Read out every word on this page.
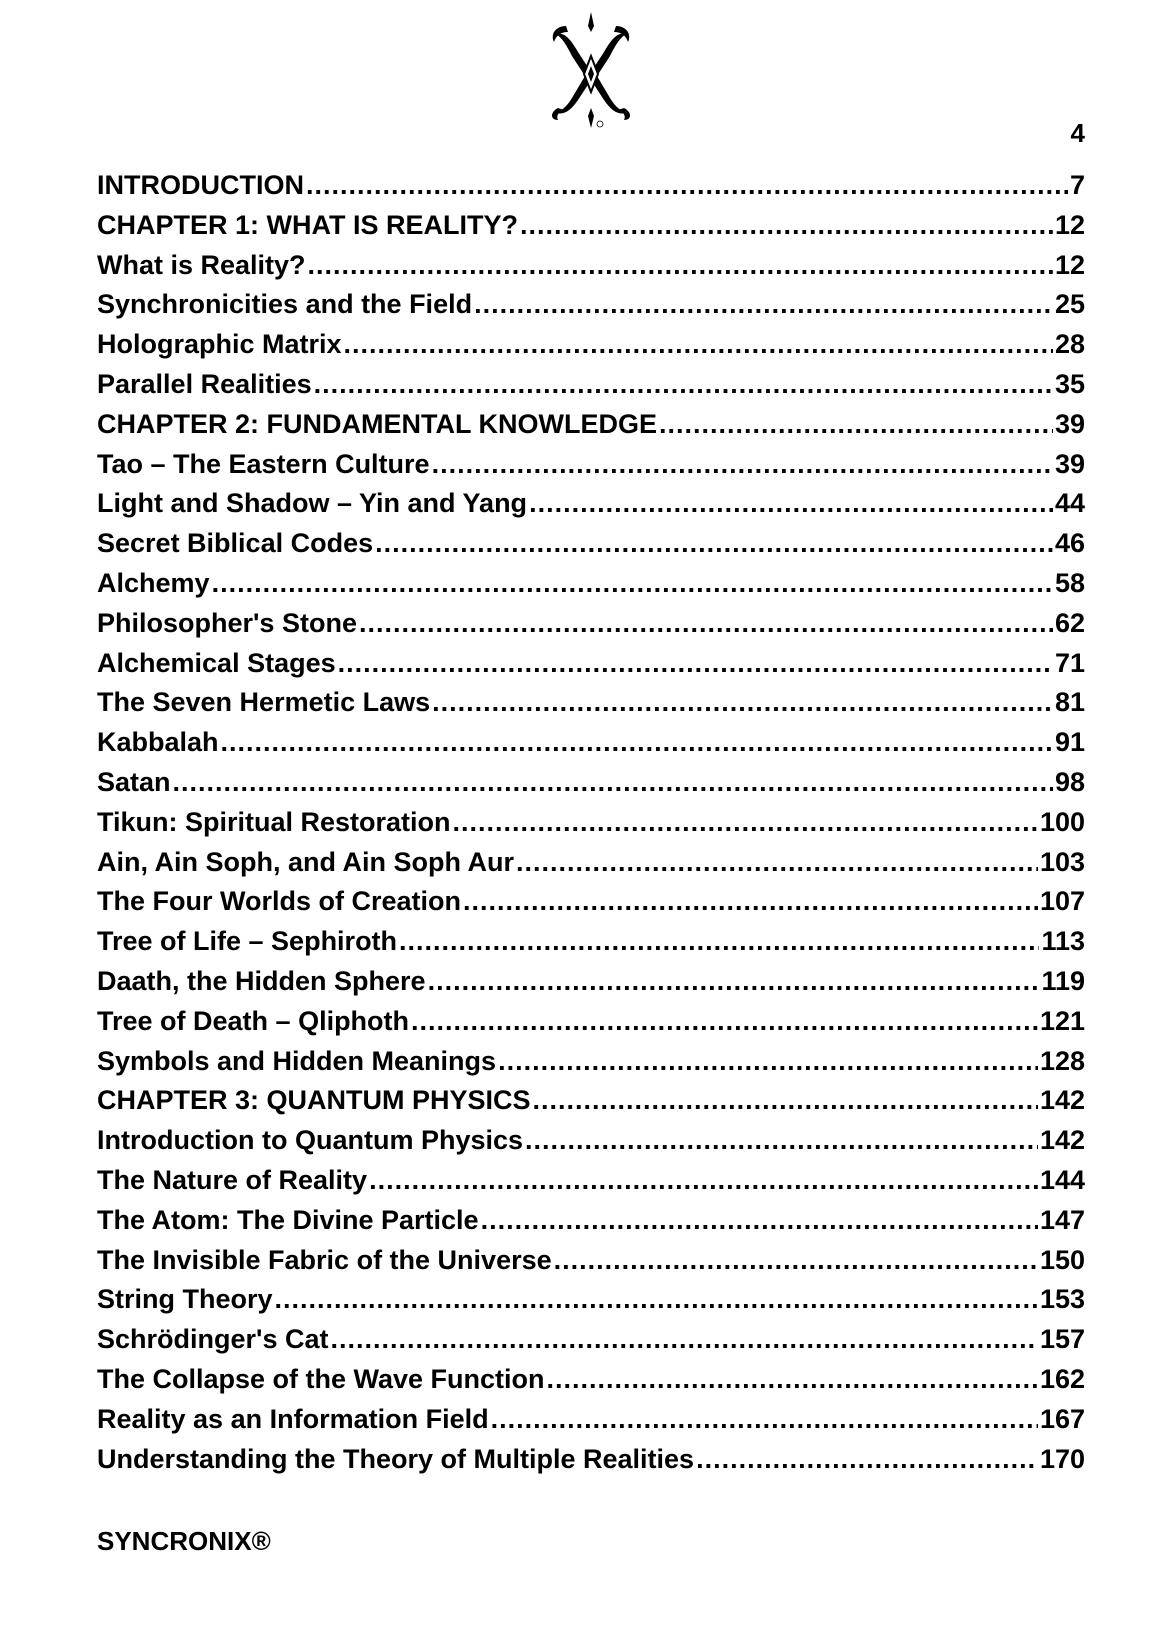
4
INTRODUCTION .....	7
CHAPTER 1: WHAT IS REALITY? .....	12
What is Reality? .....	12
Synchronicities and the Field .....	25
Holographic Matrix .....	28
Parallel Realities .....	35
CHAPTER 2: FUNDAMENTAL KNOWLEDGE .....	39
Tao – The Eastern Culture .....	39
Light and Shadow – Yin and Yang .....	44
Secret Biblical Codes .....	46
Alchemy .....	58
Philosopher's Stone .....	62
Alchemical Stages .....	71
The Seven Hermetic Laws .....	81
Kabbalah .....	91
Satan .....	98
Tikun: Spiritual Restoration .....	100
Ain, Ain Soph, and Ain Soph Aur .....	103
The Four Worlds of Creation .....	107
Tree of Life – Sephiroth .....	113
Daath, the Hidden Sphere .....	119
Tree of Death – Qliphoth .....	121
Symbols and Hidden Meanings .....	128
CHAPTER 3: QUANTUM PHYSICS .....	142
Introduction to Quantum Physics .....	142
The Nature of Reality .....	144
The Atom: The Divine Particle .....	147
The Invisible Fabric of the Universe .....	150
String Theory .....	153
Schrödinger's Cat .....	157
The Collapse of the Wave Function .....	162
Reality as an Information Field .....	167
Understanding the Theory of Multiple Realities .....	170
SYNCRONIX®
